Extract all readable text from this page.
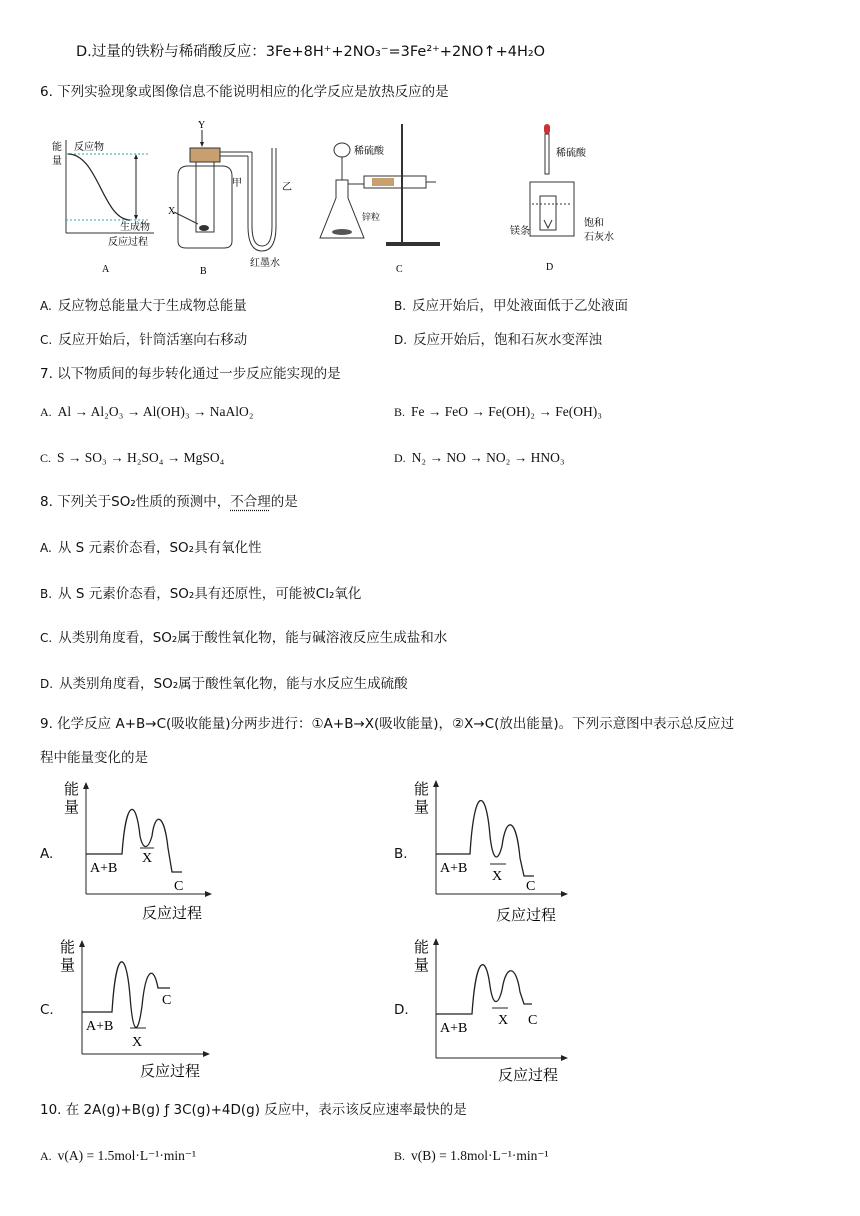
D.过量的铁粉与稀硝酸反应：3Fe+8H⁺+2NO₃⁻=3Fe²⁺+2NO↑+4H₂O
6. 下列实验现象或图像信息不能说明相应的化学反应是放热反应的是
能
量
反应物
生成物
反应过程
A
Y
X
甲	乙
红墨水
B
稀硫酸
锌粒
C
稀硫酸
镁条
饱和
石灰水
D
A. 反应物总能量大于生成物总能量	B. 反应开始后，甲处液面低于乙处液面
C. 反应开始后，针筒活塞向右移动	D. 反应开始后，饱和石灰水变浑浊
7. 以下物质间的每步转化通过一步反应能实现的是
A. Al → Al₂O₃ → Al(OH)₃ → NaAlO₂	B. Fe → FeO → Fe(OH)₂ → Fe(OH)₃
C. S → SO₃ → H₂SO₄ → MgSO₄	D. N₂ → NO → NO₂ → HNO₃
8. 下列关于SO₂性质的预测中，不合理的是
A. 从 S 元素价态看，SO₂具有氧化性
B. 从 S 元素价态看，SO₂具有还原性，可能被Cl₂氧化
C. 从类别角度看，SO₂属于酸性氧化物，能与碱溶液反应生成盐和水
D. 从类别角度看，SO₂属于酸性氧化物，能与水反应生成硫酸
9. 化学反应 A+B→C(吸收能量)分两步进行：①A+B→X(吸收能量)，②X→C(放出能量)。下列示意图中表示总反应过
程中能量变化的是
A.	B.
C.	D.
能
量
A+B
X
C
反应过程
能
量
A+B
X
C
反应过程
能
量
A+B
X
C
反应过程
能
量
A+B
X C
反应过程
10. 在 2A(g)+B(g) ƒ 3C(g)+4D(g) 反应中，表示该反应速率最快的是
A. v(A) = 1.5mol·L⁻¹·min⁻¹	B. v(B) = 1.8mol·L⁻¹·min⁻¹
